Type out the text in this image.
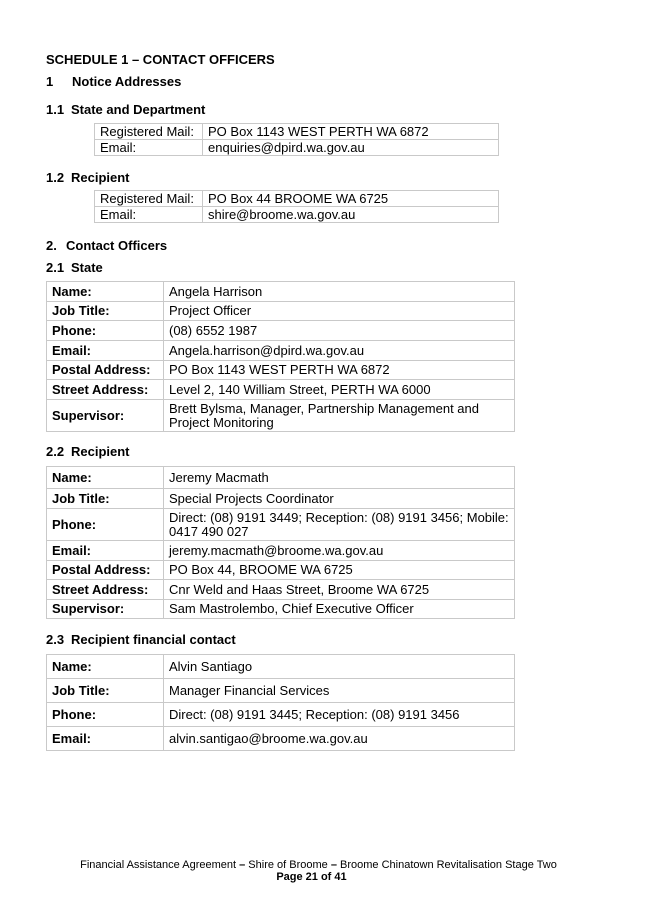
SCHEDULE 1 – CONTACT OFFICERS
1 Notice Addresses
1.1 State and Department
Registered Mail:	PO Box 1143 WEST PERTH WA 6872
Email:	enquiries@dpird.wa.gov.au
1.2 Recipient
Registered Mail:	PO Box 44 BROOME WA 6725
Email:	shire@broome.wa.gov.au
2. Contact Officers
2.1 State
Name:	Angela Harrison
Job Title:	Project Officer
Phone:	(08) 6552 1987
Email:	Angela.harrison@dpird.wa.gov.au
Postal Address:	PO Box 1143 WEST PERTH WA 6872
Street Address:	Level 2, 140 William Street, PERTH WA 6000
Supervisor:	Brett Bylsma, Manager, Partnership Management and Project Monitoring
2.2 Recipient
Name:	Jeremy Macmath
Job Title:	Special Projects Coordinator
Phone:	Direct: (08) 9191 3449; Reception: (08) 9191 3456; Mobile: 0417 490 027
Email:	jeremy.macmath@broome.wa.gov.au
Postal Address:	PO Box 44, BROOME WA 6725
Street Address:	Cnr Weld and Haas Street, Broome WA 6725
Supervisor:	Sam Mastrolembo, Chief Executive Officer
2.3 Recipient financial contact
Name:	Alvin Santiago
Job Title:	Manager Financial Services
Phone:	Direct: (08) 9191 3445; Reception: (08) 9191 3456
Email:	alvin.santigao@broome.wa.gov.au
Financial Assistance Agreement – Shire of Broome – Broome Chinatown Revitalisation Stage Two
Page 21 of 41
